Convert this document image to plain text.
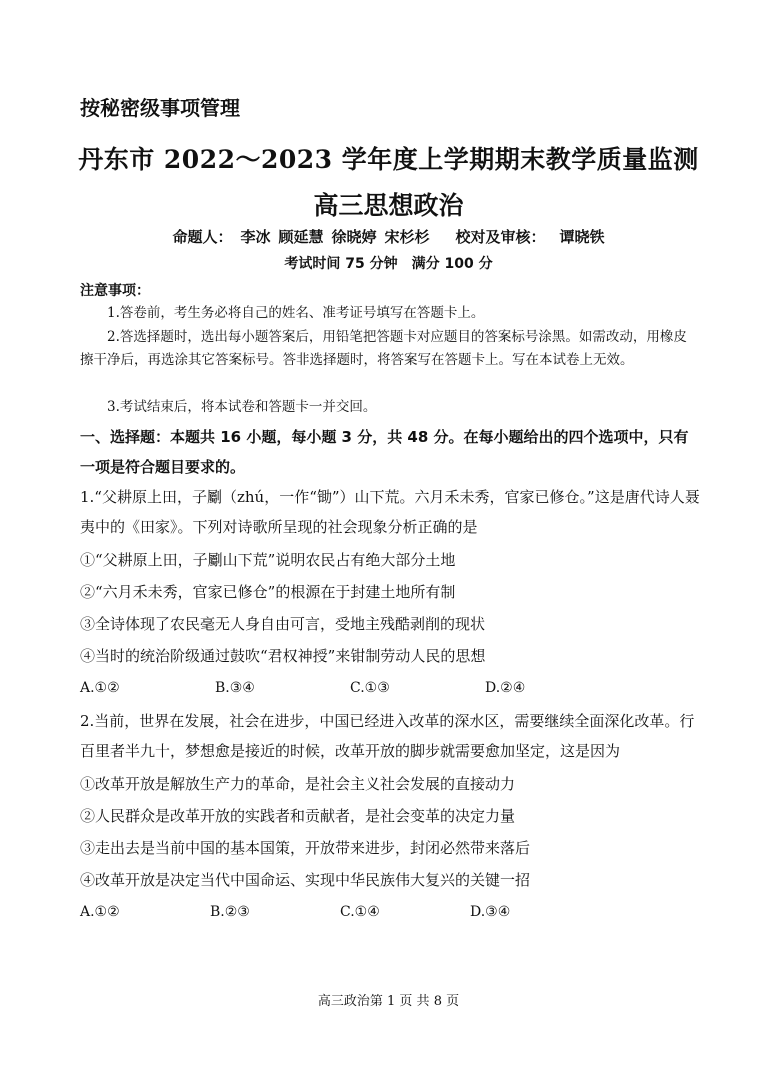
按秘密级事项管理
丹东市 2022～2023 学年度上学期期末教学质量监测
高三思想政治
命题人： 李冰 顾延慧 徐晓婷 宋杉杉 校对及审核： 谭晓铁
考试时间 75 分钟　满分 100 分
注意事项：
1.答卷前，考生务必将自己的姓名、准考证号填写在答题卡上。
2.答选择题时，选出每小题答案后，用铅笔把答题卡对应题目的答案标号涂黑。如需改动，用橡皮擦干净后，再选涂其它答案标号。答非选择题时，将答案写在答题卡上。写在本试卷上无效。
3.考试结束后，将本试卷和答题卡一并交回。
一、选择题：本题共 16 小题，每小题 3 分，共 48 分。在每小题给出的四个选项中，只有一项是符合题目要求的。
1.“父耕原上田，子劚（zhú，一作“锄”）山下荒。六月禾未秀，官家已修仓。”这是唐代诗人聂夷中的《田家》。下列对诗歌所呈现的社会现象分析正确的是
①“父耕原上田，子劚山下荒”说明农民占有绝大部分土地
②“六月禾未秀，官家已修仓”的根源在于封建土地所有制
③全诗体现了农民毫无人身自由可言，受地主残酷剥削的现状
④当时的统治阶级通过鼓吹“君权神授”来钳制劳动人民的思想
A.①②	B.③④	C.①③	D.②④
2.当前，世界在发展，社会在进步，中国已经进入改革的深水区，需要继续全面深化改革。行百里者半九十，梦想愈是接近的时候，改革开放的脚步就需要愈加坚定，这是因为
①改革开放是解放生产力的革命，是社会主义社会发展的直接动力
②人民群众是改革开放的实践者和贡献者，是社会变革的决定力量
③走出去是当前中国的基本国策，开放带来进步，封闭必然带来落后
④改革开放是决定当代中国命运、实现中华民族伟大复兴的关键一招
A.①②	B.②③	C.①④	D.③④
高三政治第 1 页 共 8 页
